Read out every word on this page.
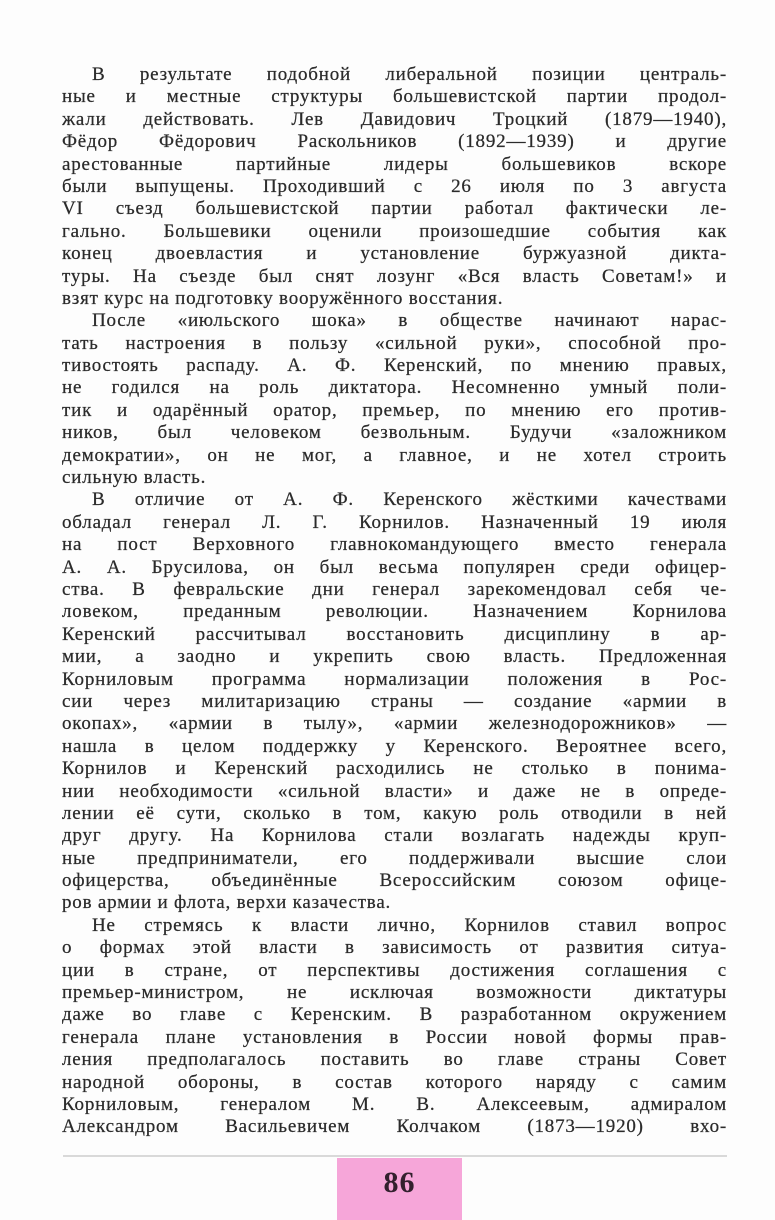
В результате подобной либеральной позиции централь-
ные и местные структуры большевистской партии продол-
жали действовать. Лев Давидович Троцкий (1879—1940),
Фёдор Фёдорович Раскольников (1892—1939) и другие
арестованные партийные лидеры большевиков вскоре
были выпущены. Проходивший с 26 июля по 3 августа
VI съезд большевистской партии работал фактически ле-
гально. Большевики оценили произошедшие события как
конец двоевластия и установление буржуазной дикта-
туры. На съезде был снят лозунг «Вся власть Советам!» и
взят курс на подготовку вооружённого восстания.

После «июльского шока» в обществе начинают нарас-
тать настроения в пользу «сильной руки», способной про-
тивостоять распаду. А. Ф. Керенский, по мнению правых,
не годился на роль диктатора. Несомненно умный поли-
тик и одарённый оратор, премьер, по мнению его против-
ников, был человеком безвольным. Будучи «заложником
демократии», он не мог, а главное, и не хотел строить
сильную власть.

В отличие от А. Ф. Керенского жёсткими качествами
обладал генерал Л. Г. Корнилов. Назначенный 19 июля
на пост Верховного главнокомандующего вместо генерала
А. А. Брусилова, он был весьма популярен среди офицер-
ства. В февральские дни генерал зарекомендовал себя че-
ловеком, преданным революции. Назначением Корнилова
Керенский рассчитывал восстановить дисциплину в ар-
мии, а заодно и укрепить свою власть. Предложенная
Корниловым программа нормализации положения в Рос-
сии через милитаризацию страны — создание «армии в
окопах», «армии в тылу», «армии железнодорожников» —
нашла в целом поддержку у Керенского. Вероятнее всего,
Корнилов и Керенский расходились не столько в понима-
нии необходимости «сильной власти» и даже не в опреде-
лении её сути, сколько в том, какую роль отводили в ней
друг другу. На Корнилова стали возлагать надежды круп-
ные предприниматели, его поддерживали высшие слои
офицерства, объединённые Всероссийским союзом офице-
ров армии и флота, верхи казачества.

Не стремясь к власти лично, Корнилов ставил вопрос
о формах этой власти в зависимость от развития ситуа-
ции в стране, от перспективы достижения соглашения с
премьер-министром, не исключая возможности диктатуры
даже во главе с Керенским. В разработанном окружением
генерала плане установления в России новой формы прав-
ления предполагалось поставить во главе страны Совет
народной обороны, в состав которого наряду с самим
Корниловым, генералом М. В. Алексеевым, адмиралом
Александром Васильевичем Колчаком (1873—1920) вхо-

86
